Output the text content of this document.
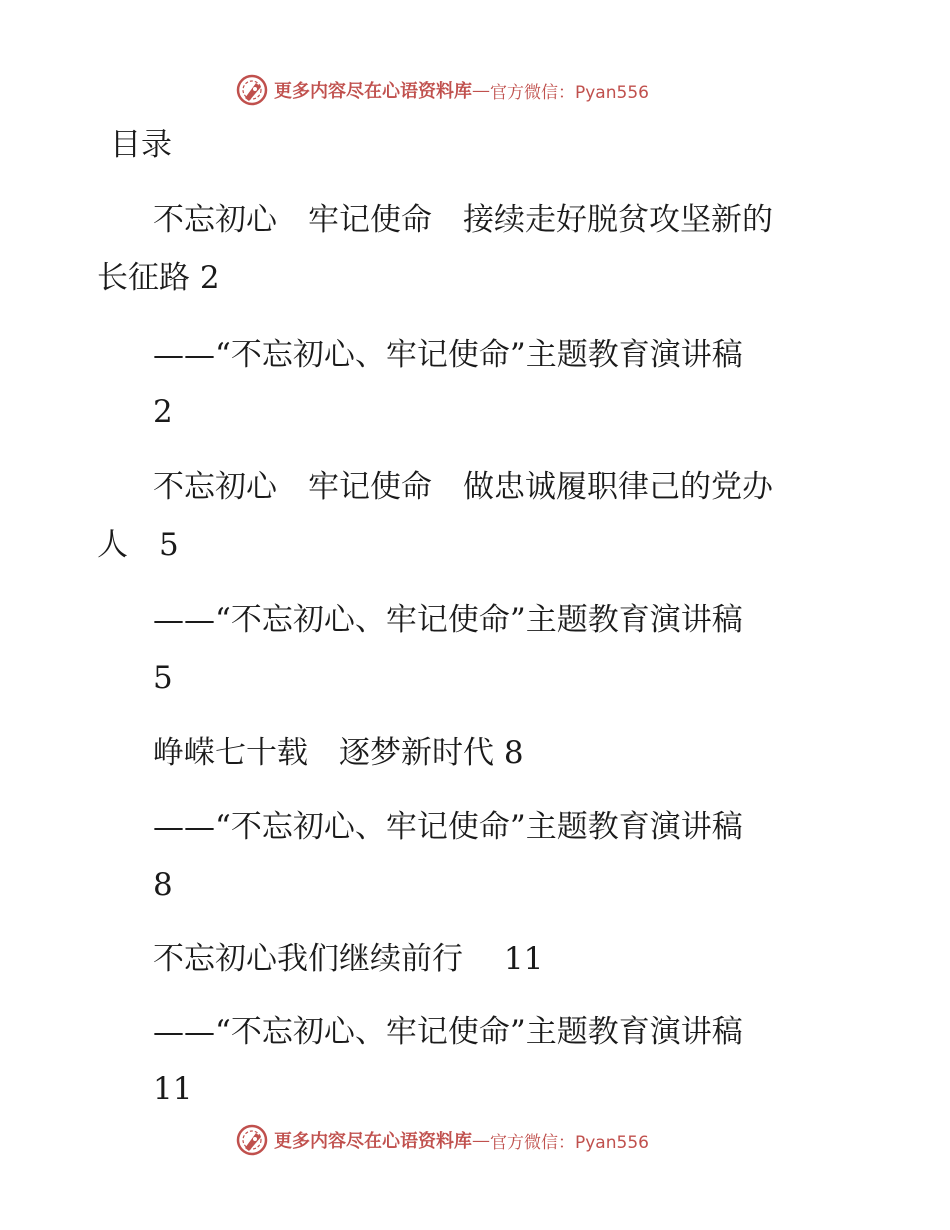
更多内容尽在心语资料库 — 官方微信：Pyan556
目录
不忘初心　牢记使命　接续走好脱贫攻坚新的
长征路 2
——“不忘初心、牢记使命”主题教育演讲稿
2
不忘初心　牢记使命　做忠诚履职律己的党办
人　5
——“不忘初心、牢记使命”主题教育演讲稿
5
峥嵘七十载　逐梦新时代 8
——“不忘初心、牢记使命”主题教育演讲稿
8
不忘初心我们继续前行　 11
——“不忘初心、牢记使命”主题教育演讲稿
11
更多内容尽在心语资料库 — 官方微信：Pyan556
